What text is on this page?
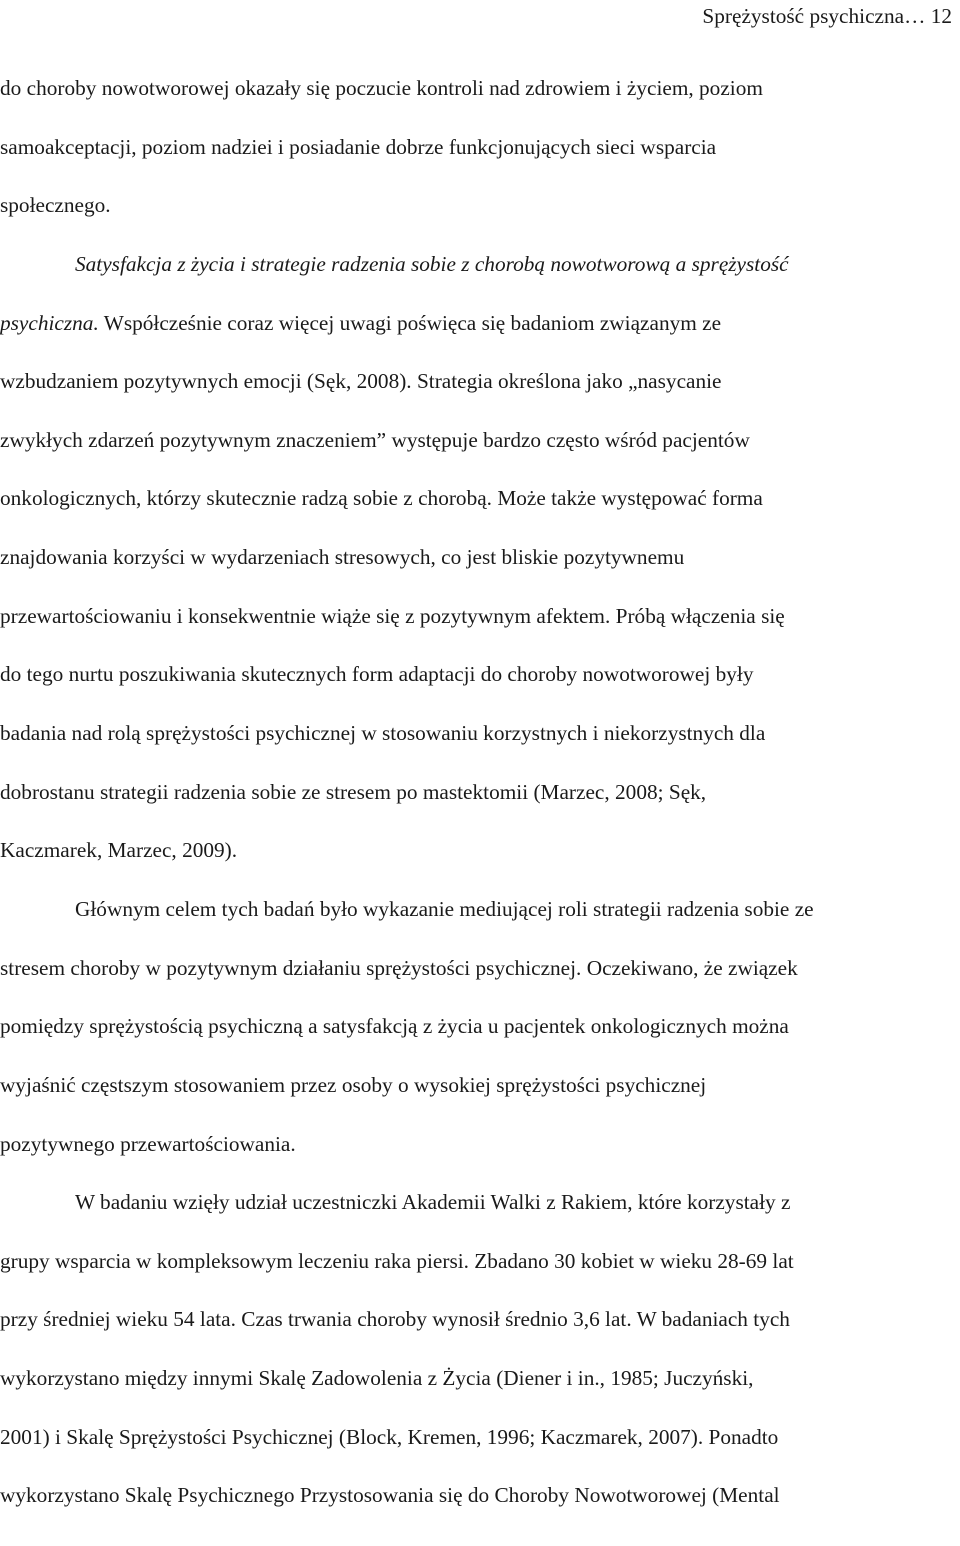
Sprężystość psychiczna… 12
do choroby nowotworowej okazały się poczucie kontroli nad zdrowiem i życiem, poziom
samoakceptacji, poziom nadziei i posiadanie dobrze funkcjonujących sieci wsparcia
społecznego.
Satysfakcja z życia i strategie radzenia sobie z chorobą nowotworową a sprężystość
psychiczna. Współcześnie coraz więcej uwagi poświęca się badaniom związanym ze
wzbudzaniem pozytywnych emocji (Sęk, 2008). Strategia określona jako „nasycanie
zwykłych zdarzeń pozytywnym znaczeniem” występuje bardzo często wśród pacjentów
onkologicznych, którzy skutecznie radzą sobie z chorobą. Może także występować forma
znajdowania korzyści w wydarzeniach stresowych, co jest bliskie pozytywnemu
przewartościowaniu i konsekwentnie wiąże się z pozytywnym afektem. Próbą włączenia się
do tego nurtu poszukiwania skutecznych form adaptacji do choroby nowotworowej były
badania nad rolą sprężystości psychicznej w stosowaniu korzystnych i niekorzystnych dla
dobrostanu strategii radzenia sobie ze stresem po mastektomii (Marzec, 2008; Sęk,
Kaczmarek, Marzec, 2009).
Głównym celem tych badań było wykazanie mediującej roli strategii radzenia sobie ze
stresem choroby w pozytywnym działaniu sprężystości psychicznej. Oczekiwano, że związek
pomiędzy sprężystością psychiczną a satysfakcją z życia u pacjentek onkologicznych można
wyjaśnić częstszym stosowaniem przez osoby o wysokiej sprężystości psychicznej
pozytywnego przewartościowania.
W badaniu wzięły udział uczestniczki Akademii Walki z Rakiem, które korzystały z
grupy wsparcia w kompleksowym leczeniu raka piersi. Zbadano 30 kobiet w wieku 28-69 lat
przy średniej wieku 54 lata. Czas trwania choroby wynosił średnio 3,6 lat. W badaniach tych
wykorzystano między innymi Skalę Zadowolenia z Życia (Diener i in., 1985; Juczyński,
2001) i Skalę Sprężystości Psychicznej (Block, Kremen, 1996; Kaczmarek, 2007). Ponadto
wykorzystano Skalę Psychicznego Przystosowania się do Choroby Nowotworowej (Mental
